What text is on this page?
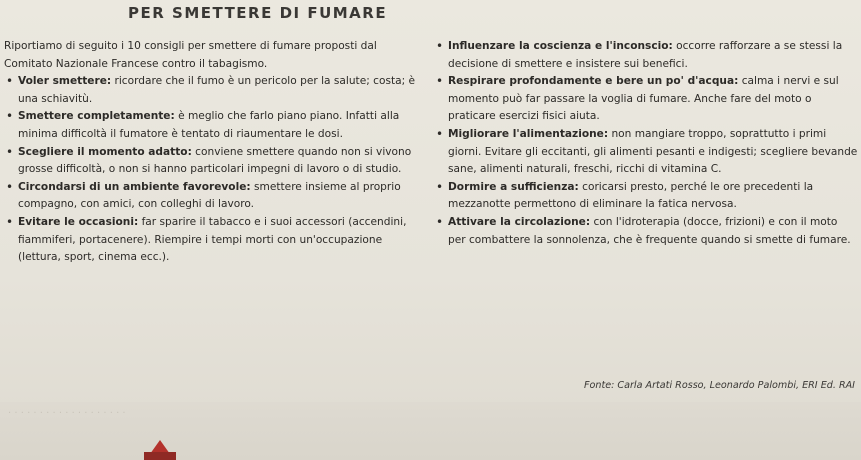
PER SMETTERE DI FUMARE

Riportiamo di seguito i 10 consigli per smettere di fumare proposti dal Comitato Nazionale Francese contro il tabagismo.

• Voler smettere: ricordare che il fumo è un pericolo per la salute; costa; è una schiavitù.

• Smettere completamente: è meglio che farlo piano piano. Infatti alla minima difficoltà il fumatore è tentato di riaumentare le dosi.

• Scegliere il momento adatto: conviene smettere quando non si vivono grosse difficoltà, o non si hanno particolari impegni di lavoro o di studio.

• Circondarsi di un ambiente favorevole: smettere insieme al proprio compagno, con amici, con colleghi di lavoro.

• Evitare le occasioni: far sparire il tabacco e i suoi accessori (accendini, fiammiferi, portacenere). Riempire i tempi morti con un'occupazione (lettura, sport, cinema ecc.).

• Influenzare la coscienza e l'inconscio: occorre rafforzare a se stessi la decisione di smettere e insistere sui benefici.

• Respirare profondamente e bere un po' d'acqua: calma i nervi e sul momento può far passare la voglia di fumare. Anche fare del moto o praticare esercizi fisici aiuta.

• Migliorare l'alimentazione: non mangiare troppo, soprattutto i primi giorni. Evitare gli eccitanti, gli alimenti pesanti e indigesti; scegliere bevande sane, alimenti naturali, freschi, ricchi di vitamina C.

• Dormire a sufficienza: coricarsi presto, perché le ore precedenti la mezzanotte permettono di eliminare la fatica nervosa.

• Attivare la circolazione: con l'idroterapia (docce, frizioni) e con il moto per combattere la sonnolenza, che è frequente quando si smette di fumare.

Fonte: Carla Artati Rosso, Leonardo Palombi, ERI Ed. RAI
· · · · · · · · · · · · · · · · · · ·
